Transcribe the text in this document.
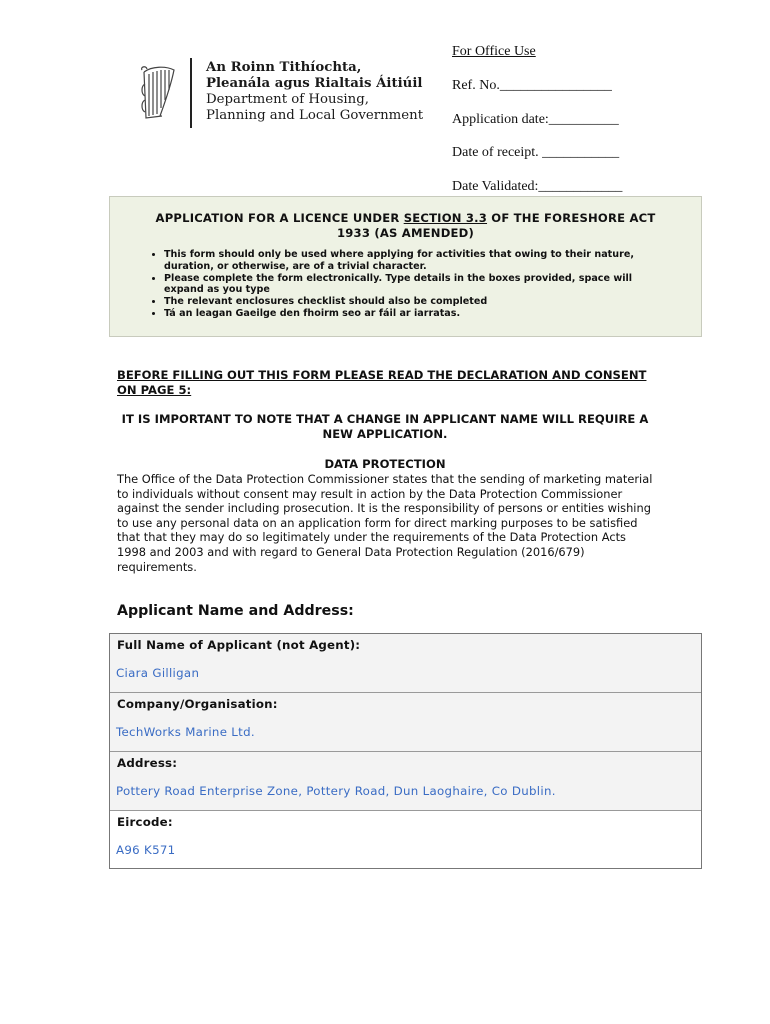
An Roinn Tithíochta,
Pleanála agus Rialtais Áitiúil
Department of Housing,
Planning and Local Government
For Office Use
Ref. No.________________
Application date:__________
Date of receipt. ___________
Date Validated:____________
APPLICATION FOR A LICENCE UNDER SECTION 3.3 OF THE FORESHORE ACT
1933 (AS AMENDED)
• This form should only be used where applying for activities that owing to their nature, duration, or otherwise, are of a trivial character.
• Please complete the form electronically. Type details in the boxes provided, space will expand as you type
• The relevant enclosures checklist should also be completed
• Tá an leagan Gaeilge den fhoirm seo ar fáil ar iarratas.
BEFORE FILLING OUT THIS FORM PLEASE READ THE DECLARATION AND CONSENT ON PAGE 5:
IT IS IMPORTANT TO NOTE THAT A CHANGE IN APPLICANT NAME WILL REQUIRE A NEW APPLICATION.
DATA PROTECTION
The Office of the Data Protection Commissioner states that the sending of marketing material to individuals without consent may result in action by the Data Protection Commissioner against the sender including prosecution. It is the responsibility of persons or entities wishing to use any personal data on an application form for direct marking purposes to be satisfied that that they may do so legitimately under the requirements of the Data Protection Acts 1998 and 2003 and with regard to General Data Protection Regulation (2016/679) requirements.
Applicant Name and Address:
Full Name of Applicant (not Agent):
Ciara Gilligan
Company/Organisation:
TechWorks Marine Ltd.
Address:
Pottery Road Enterprise Zone, Pottery Road, Dun Laoghaire, Co Dublin.
Eircode:
A96 K571
